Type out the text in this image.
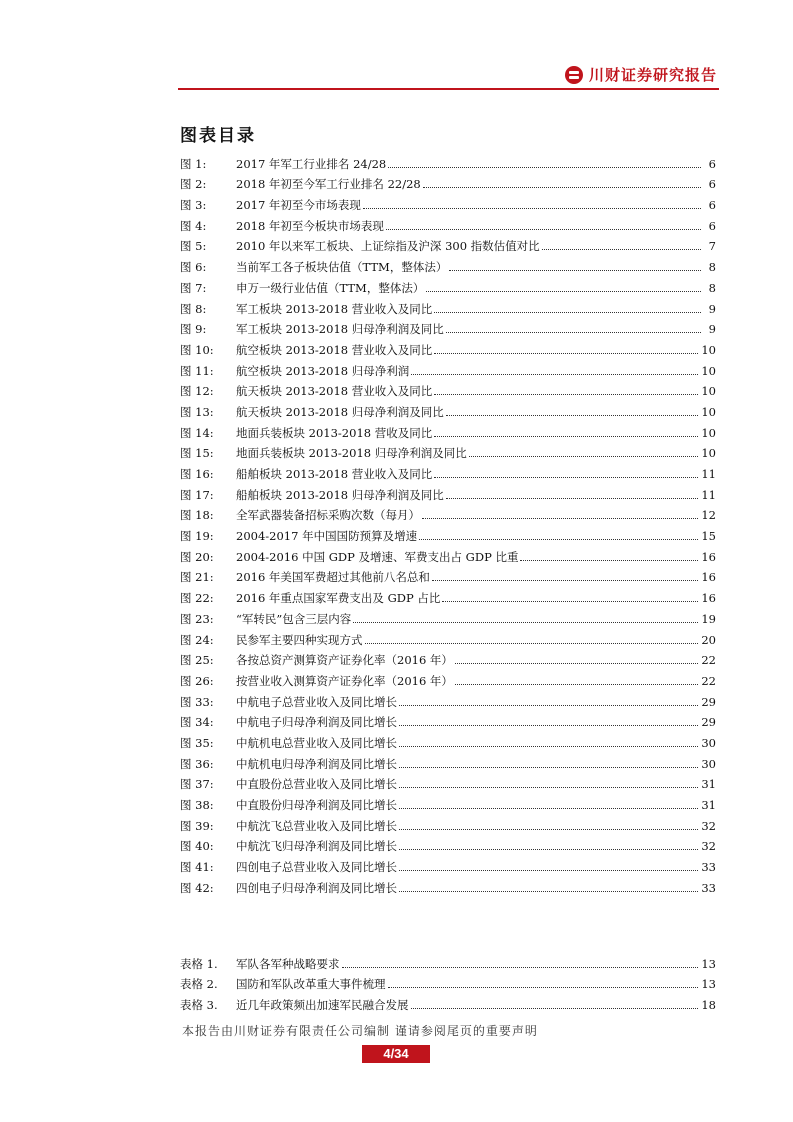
川财证券研究报告
图表目录
图 1:	2017 年军工行业排名 24/28	6
图 2:	2018 年初至今军工行业排名 22/28	6
图 3:	2017 年初至今市场表现	6
图 4:	2018 年初至今板块市场表现	6
图 5:	2010 年以来军工板块、上证综指及沪深 300 指数估值对比	7
图 6:	当前军工各子板块估值（TTM，整体法）	8
图 7:	申万一级行业估值（TTM，整体法）	8
图 8:	军工板块 2013-2018 营业收入及同比	9
图 9:	军工板块 2013-2018 归母净利润及同比	9
图 10:	航空板块 2013-2018 营业收入及同比	10
图 11:	航空板块 2013-2018 归母净利润	10
图 12:	航天板块 2013-2018 营业收入及同比	10
图 13:	航天板块 2013-2018 归母净利润及同比	10
图 14:	地面兵装板块 2013-2018 营收及同比	10
图 15:	地面兵装板块 2013-2018 归母净利润及同比	10
图 16:	船舶板块 2013-2018 营业收入及同比	11
图 17:	船舶板块 2013-2018 归母净利润及同比	11
图 18:	全军武器装备招标采购次数（每月）	12
图 19:	2004-2017 年中国国防预算及增速	15
图 20:	2004-2016 中国 GDP 及增速、军费支出占 GDP 比重	16
图 21:	2016 年美国军费超过其他前八名总和	16
图 22:	2016 年重点国家军费支出及 GDP 占比	16
图 23:	“军转民”包含三层内容	19
图 24:	民参军主要四种实现方式	20
图 25:	各按总资产测算资产证券化率（2016 年）	22
图 26:	按营业收入测算资产证券化率（2016 年）	22
图 33:	中航电子总营业收入及同比增长	29
图 34:	中航电子归母净利润及同比增长	29
图 35:	中航机电总营业收入及同比增长	30
图 36:	中航机电归母净利润及同比增长	30
图 37:	中直股份总营业收入及同比增长	31
图 38:	中直股份归母净利润及同比增长	31
图 39:	中航沈飞总营业收入及同比增长	32
图 40:	中航沈飞归母净利润及同比增长	32
图 41:	四创电子总营业收入及同比增长	33
图 42:	四创电子归母净利润及同比增长	33
表格 1.	军队各军种战略要求	13
表格 2.	国防和军队改革重大事件梳理	13
表格 3.	近几年政策频出加速军民融合发展	18
本报告由川财证券有限责任公司编制 谨请参阅尾页的重要声明
4/34
